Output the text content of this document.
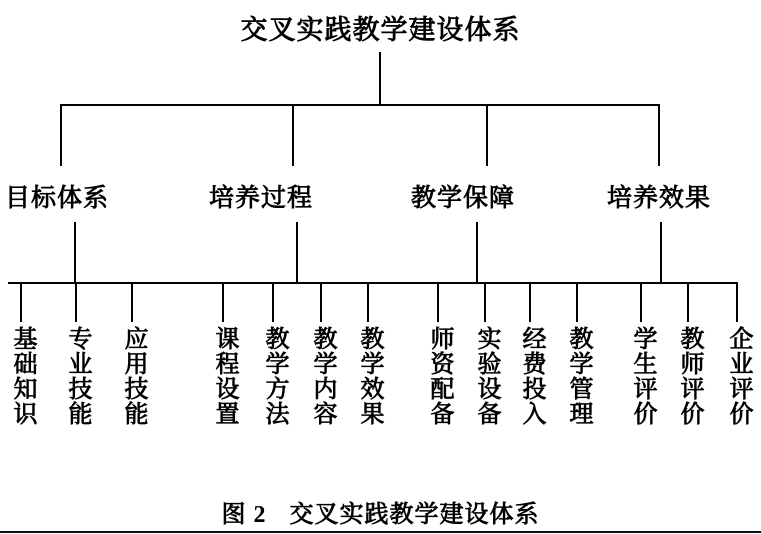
交叉实践教学建设体系
目标体系	培养过程	教学保障	培养效果
基础知识 专业技能 应用技能	课程设置 教学方法 教学内容 教学效果 师资配备 实验设备 经费投入 教学管理 学生评价 教师评价 企业评价
图 2 交叉实践教学建设体系
